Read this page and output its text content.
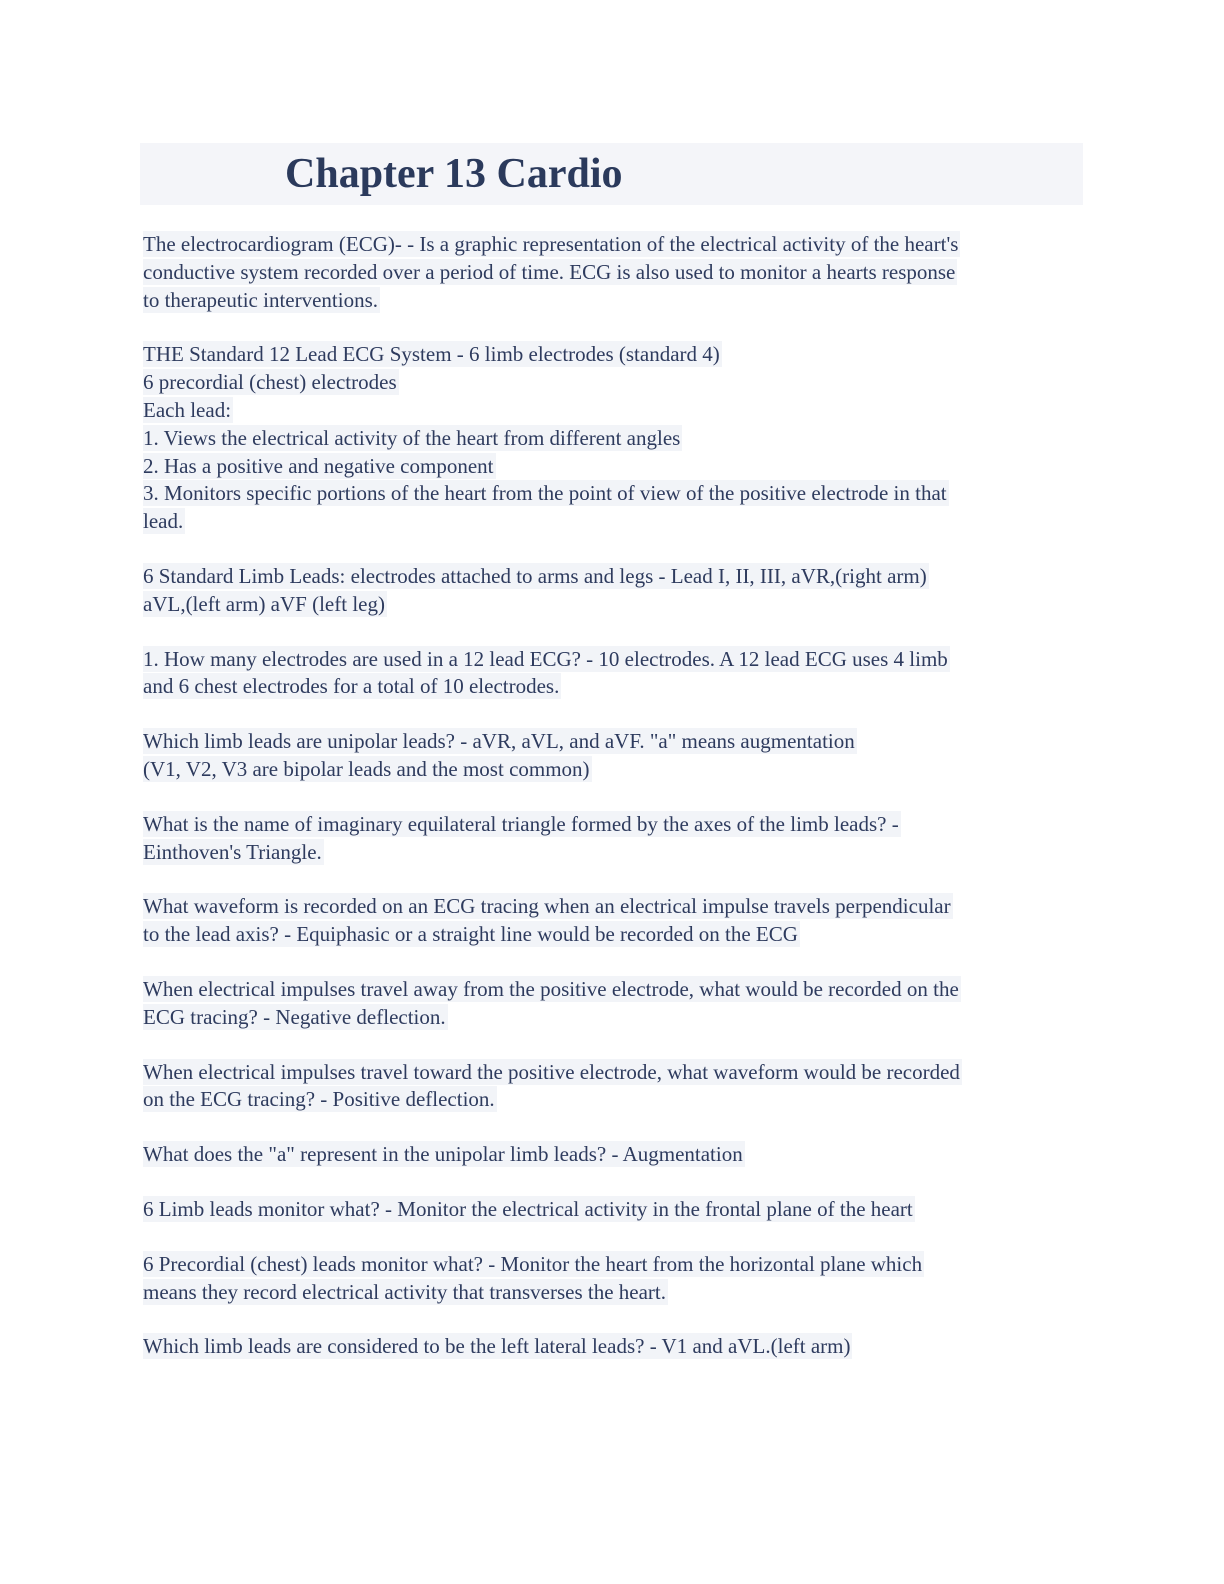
Chapter 13 Cardio

The electrocardiogram (ECG)- - Is a graphic representation of the electrical activity of the heart's
conductive system recorded over a period of time. ECG is also used to monitor a hearts response
to therapeutic interventions.

THE Standard 12 Lead ECG System - 6 limb electrodes (standard 4)
6 precordial (chest) electrodes
Each lead:
1. Views the electrical activity of the heart from different angles
2. Has a positive and negative component
3. Monitors specific portions of the heart from the point of view of the positive electrode in that
lead.

6 Standard Limb Leads: electrodes attached to arms and legs - Lead I, II, III, aVR,(right arm)
aVL,(left arm) aVF (left leg)

1. How many electrodes are used in a 12 lead ECG? - 10 electrodes. A 12 lead ECG uses 4 limb
and 6 chest electrodes for a total of 10 electrodes.

Which limb leads are unipolar leads? - aVR, aVL, and aVF. "a" means augmentation
(V1, V2, V3 are bipolar leads and the most common)

What is the name of imaginary equilateral triangle formed by the axes of the limb leads? -
Einthoven's Triangle.

What waveform is recorded on an ECG tracing when an electrical impulse travels perpendicular
to the lead axis? - Equiphasic or a straight line would be recorded on the ECG

When electrical impulses travel away from the positive electrode, what would be recorded on the
ECG tracing? - Negative deflection.

When electrical impulses travel toward the positive electrode, what waveform would be recorded
on the ECG tracing? - Positive deflection.

What does the "a" represent in the unipolar limb leads? - Augmentation

6 Limb leads monitor what? - Monitor the electrical activity in the frontal plane of the heart

6 Precordial (chest) leads monitor what? - Monitor the heart from the horizontal plane which
means they record electrical activity that transverses the heart.

Which limb leads are considered to be the left lateral leads? - V1 and aVL.(left arm)
